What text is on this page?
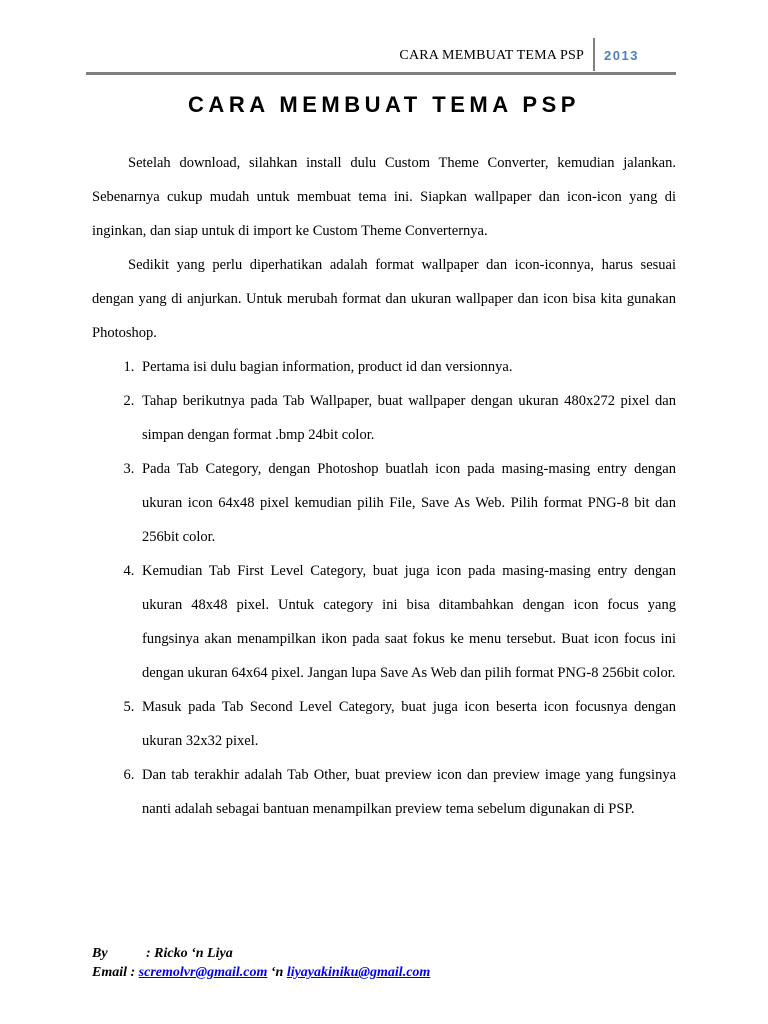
CARA MEMBUAT TEMA PSP 2013
CARA MEMBUAT TEMA PSP

Setelah download, silahkan install dulu Custom Theme Converter, kemudian jalankan. Sebenarnya cukup mudah untuk membuat tema ini. Siapkan wallpaper dan icon-icon yang di inginkan, dan siap untuk di import ke Custom Theme Converternya.

Sedikit yang perlu diperhatikan adalah format wallpaper dan icon-iconnya, harus sesuai dengan yang di anjurkan. Untuk merubah format dan ukuran wallpaper dan icon bisa kita gunakan Photoshop.

1. Pertama isi dulu bagian information, product id dan versionnya.
2. Tahap berikutnya pada Tab Wallpaper, buat wallpaper dengan ukuran 480x272 pixel dan simpan dengan format .bmp 24bit color.
3. Pada Tab Category, dengan Photoshop buatlah icon pada masing-masing entry dengan ukuran icon 64x48 pixel kemudian pilih File, Save As Web. Pilih format PNG-8 bit dan 256bit color.
4. Kemudian Tab First Level Category, buat juga icon pada masing-masing entry dengan ukuran 48x48 pixel. Untuk category ini bisa ditambahkan dengan icon focus yang fungsinya akan menampilkan ikon pada saat fokus ke menu tersebut. Buat icon focus ini dengan ukuran 64x64 pixel. Jangan lupa Save As Web dan pilih format PNG-8 256bit color.
5. Masuk pada Tab Second Level Category, buat juga icon beserta icon focusnya dengan ukuran 32x32 pixel.
6. Dan tab terakhir adalah Tab Other, buat preview icon dan preview image yang fungsinya nanti adalah sebagai bantuan menampilkan preview tema sebelum digunakan di PSP.
By	: Ricko ‘n Liya
Email : scremolvr@gmail.com ‘n liyayakiniku@gmail.com
